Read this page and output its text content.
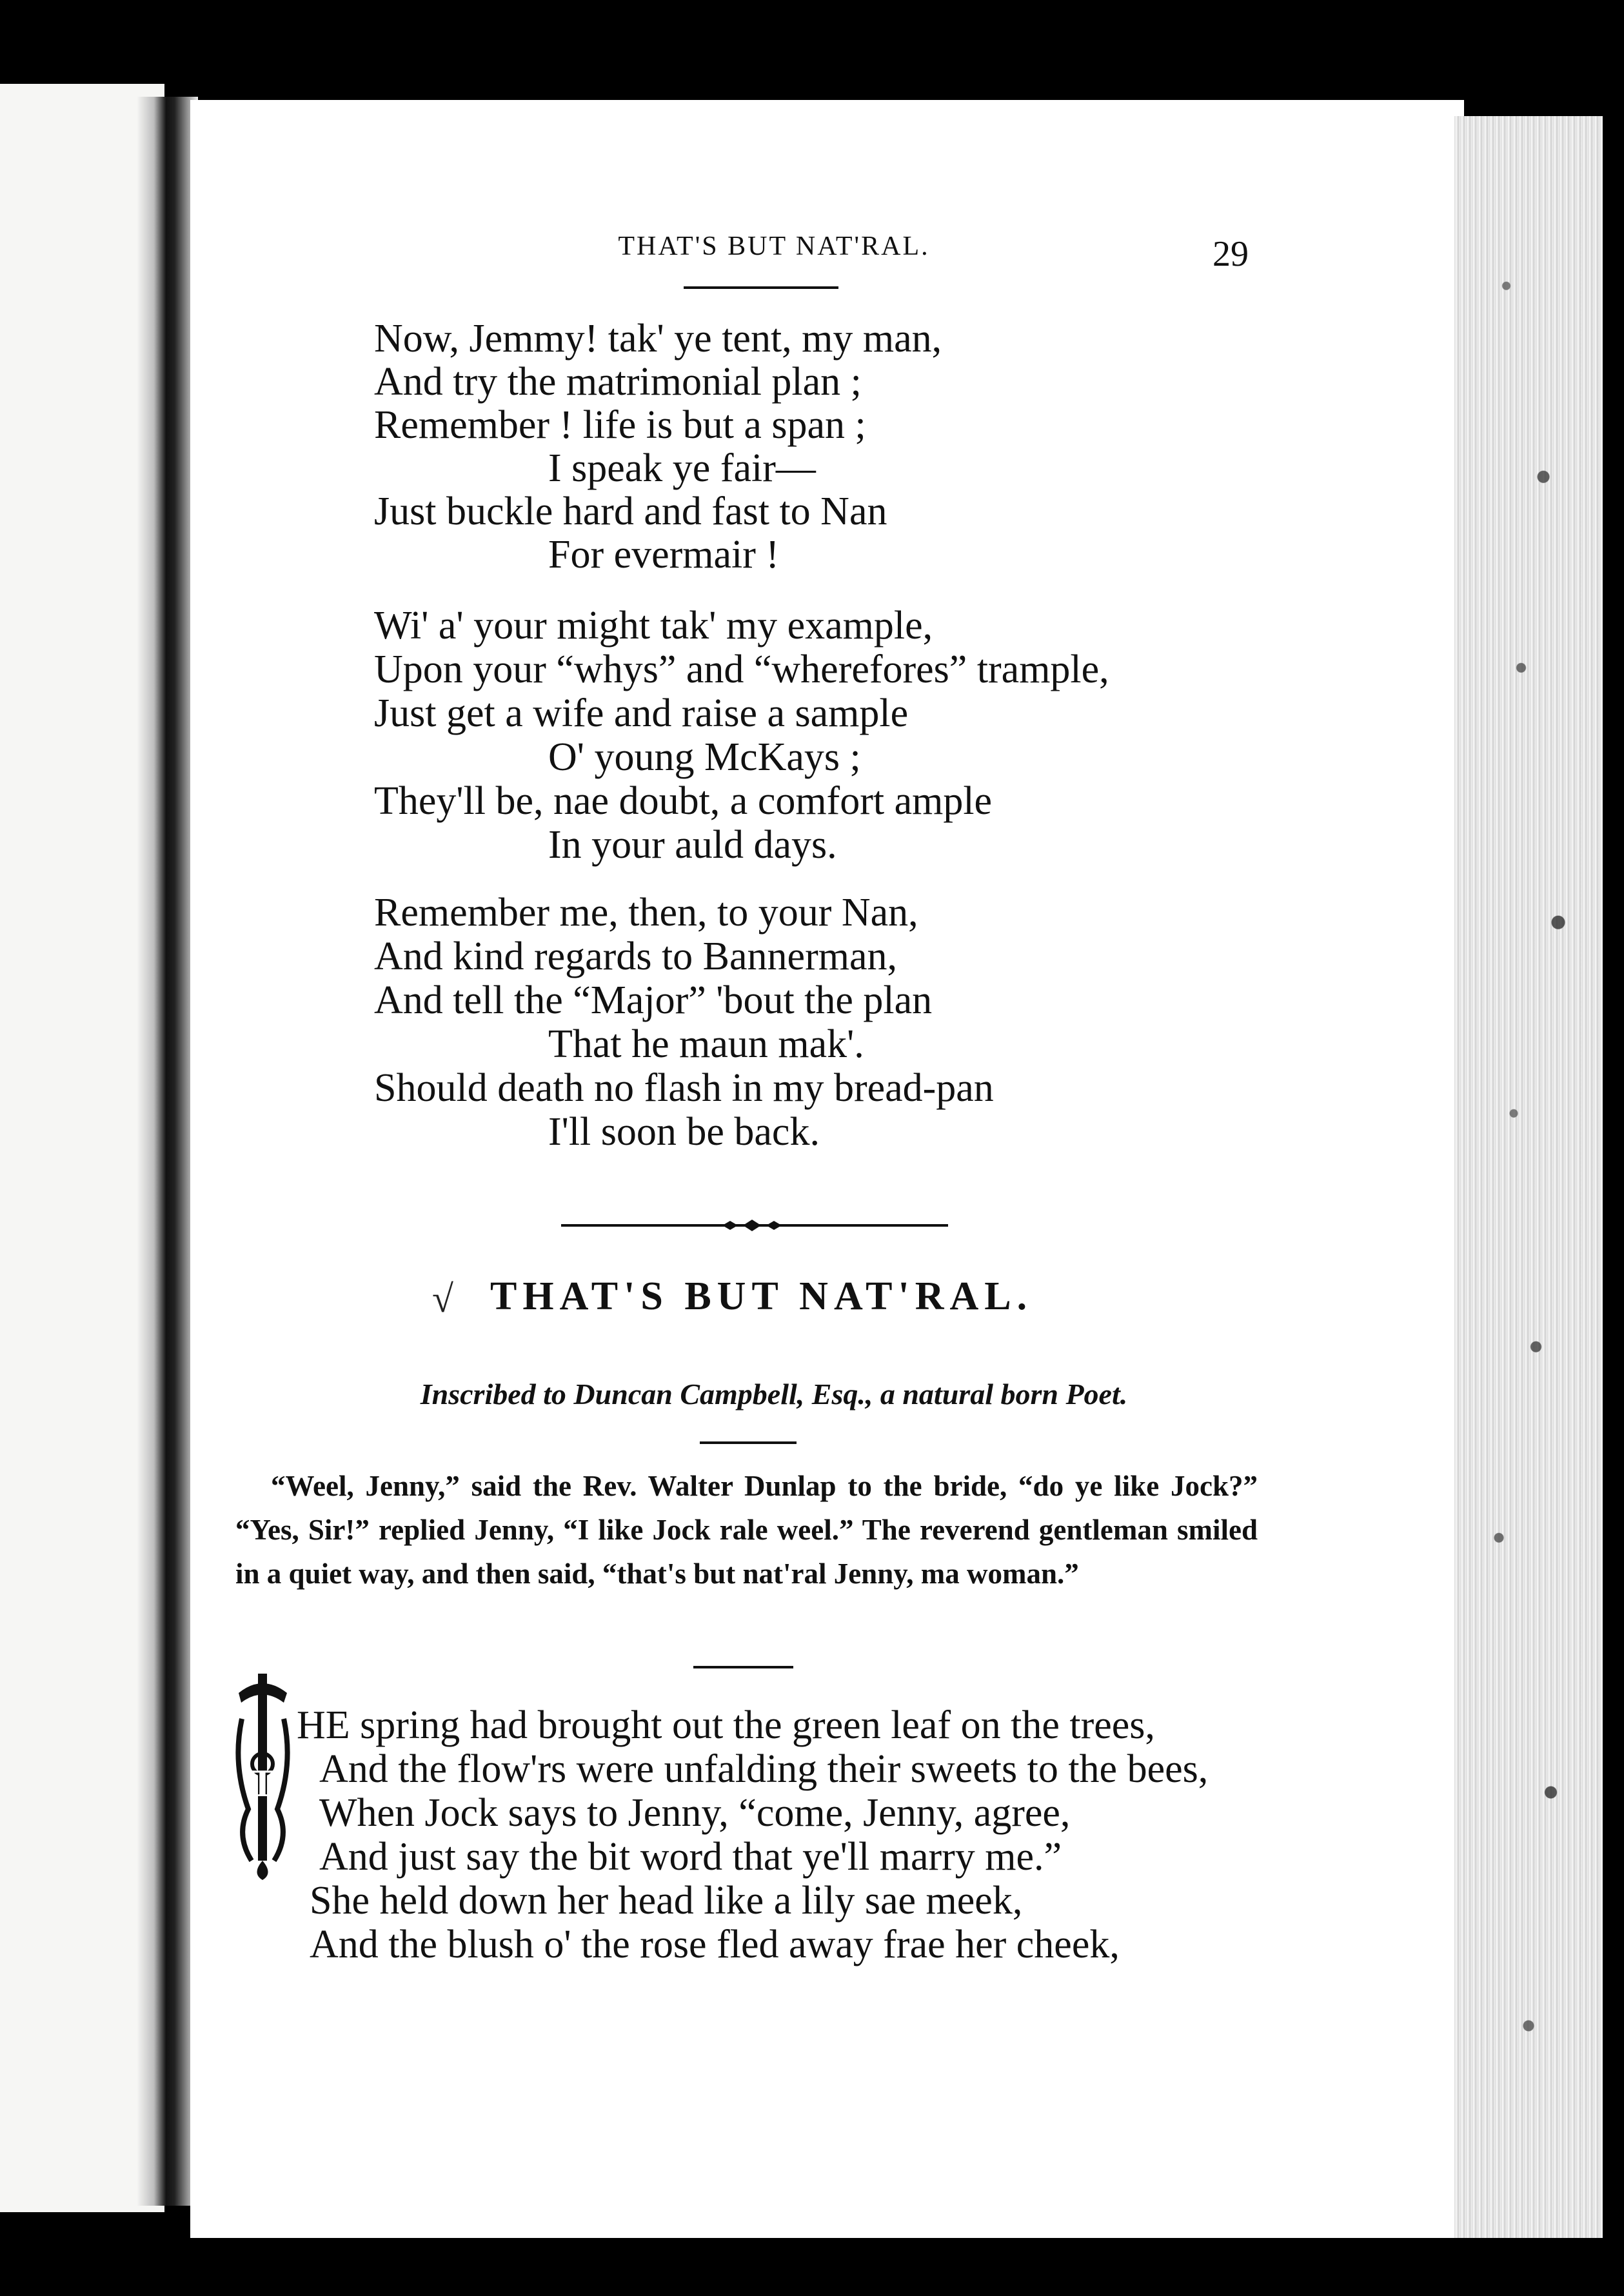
THAT'S BUT NAT'RAL.	29
Now, Jemmy! tak' ye tent, my man,
And try the matrimonial plan ;
Remember ! life is but a span ;
I speak ye fair—
Just buckle hard and fast to Nan
For evermair !
Wi' a' your might tak' my example,
Upon your “whys” and “wherefores” trample,
Just get a wife and raise a sample
O' young McKays ;
They'll be, nae doubt, a comfort ample
In your auld days.
Remember me, then, to your Nan,
And kind regards to Bannerman,
And tell the “Major” 'bout the plan
That he maun mak'.
Should death no flash in my bread-pan
I'll soon be back.
√ THAT'S BUT NAT'RAL.
Inscribed to Duncan Campbell, Esq., a natural born Poet.
“Weel, Jenny,” said the Rev. Walter Dunlap to the bride, “do ye like Jock?” “Yes, Sir!” replied Jenny, “I like Jock rale weel.” The reverend gentleman smiled in a quiet way, and then said, “that's but nat'ral Jenny, ma woman.”
T
HE spring had brought out the green leaf on the trees,
And the flow'rs were unfalding their sweets to the bees,
When Jock says to Jenny, “come, Jenny, agree,
And just say the bit word that ye'll marry me.”
She held down her head like a lily sae meek,
And the blush o' the rose fled away frae her cheek,
